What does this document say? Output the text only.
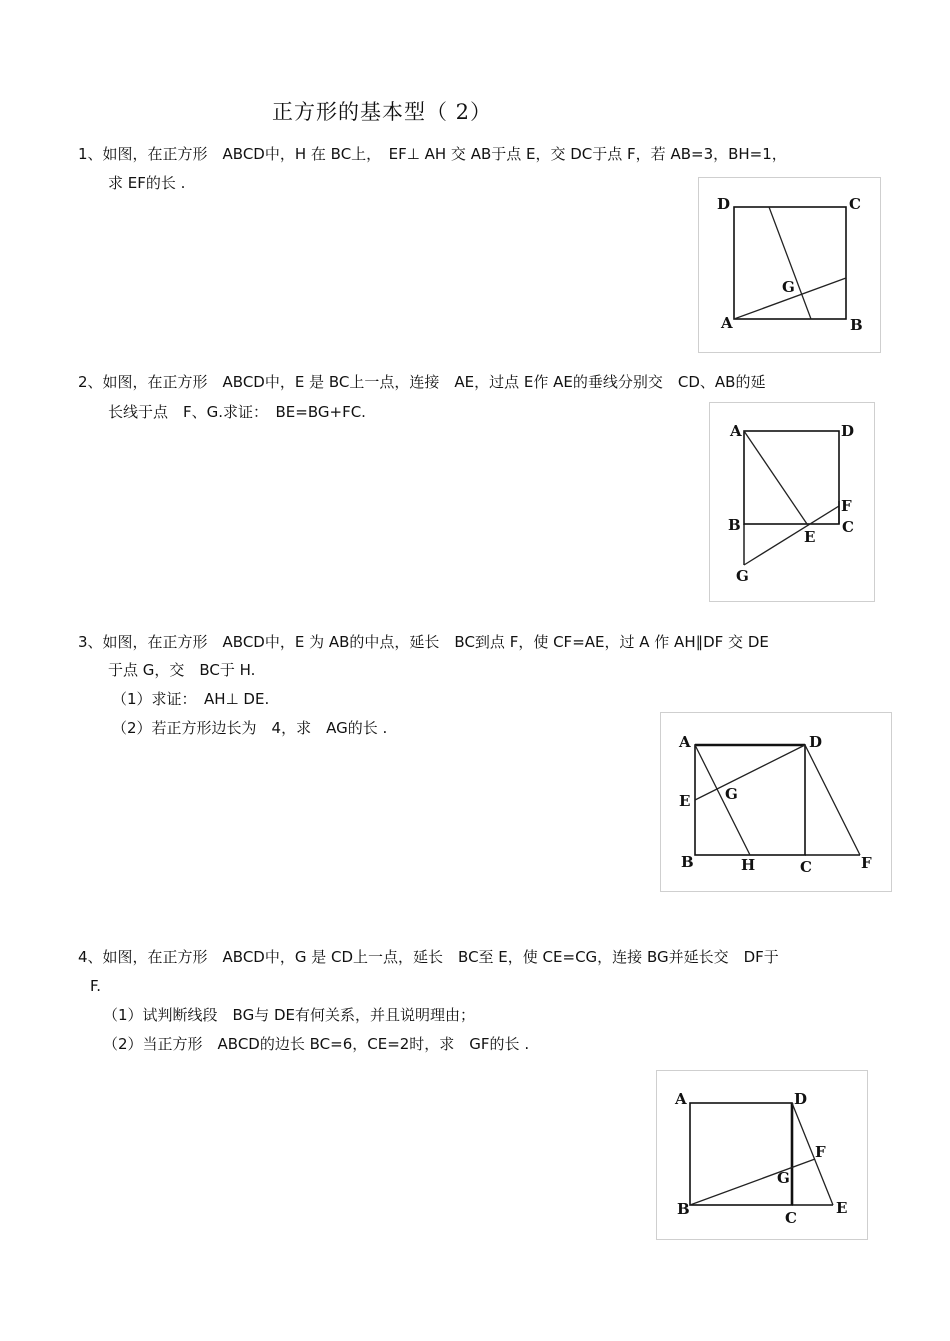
正方形的基本型（ 2）
1、如图，在正方形　ABCD中，H 在 BC上，　EF⊥ AH 交 AB于点 E，交 DC于点 F，若 AB=3，BH=1，
求 EF的长 .
D	C
G
A	B
2、如图，在正方形　ABCD中，E 是 BC上一点，连接　AE，过点 E作 AE的垂线分别交　CD、AB的延
长线于点　F、G.求证：　BE=BG+FC.
A	D
F
B	C
E
G
3、如图，在正方形　ABCD中，E 为 AB的中点，延长　BC到点 F，使 CF=AE，过 A 作 AH∥DF 交 DE
于点 G，交　BC于 H.
（1）求证：　AH⊥ DE.
（2）若正方形边长为　4，求　AG的长 .
A	D
E G
B	H	C	F
4、如图，在正方形　ABCD中，G 是 CD上一点，延长　BC至 E，使 CE=CG，连接 BG并延长交　DF于
F.
（1）试判断线段　BG与 DE有何关系，并且说明理由；
（2）当正方形　ABCD的边长 BC=6，CE=2时，求　GF的长 .
A	D
F
G
B	C
E
